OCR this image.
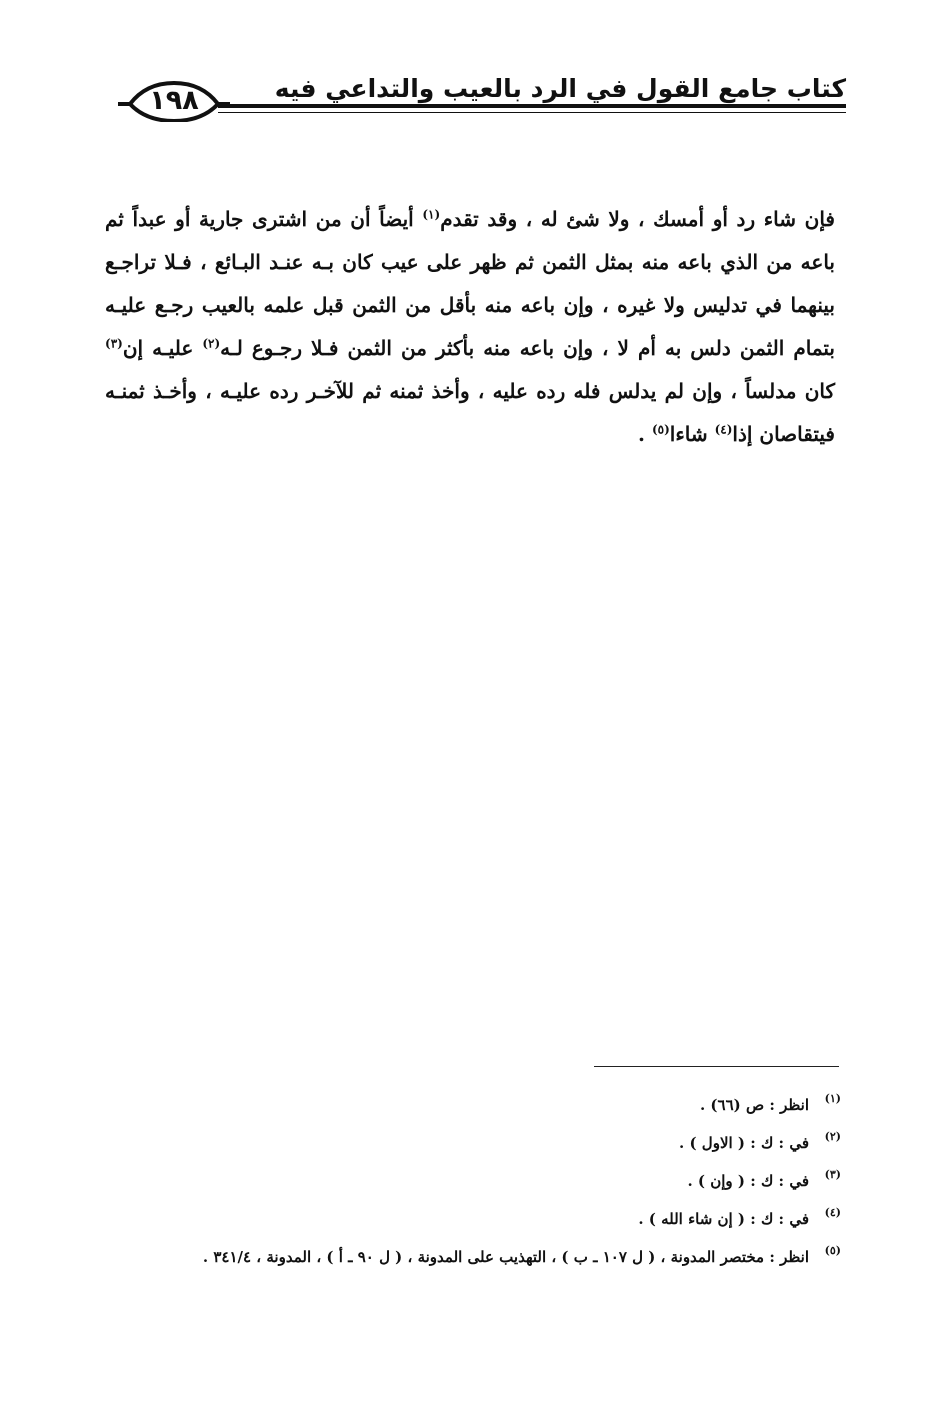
كتاب جامع القول في الرد بالعيب والتداعي فيه
١٩٨

فإن شاء رد أو أمسك ، ولا شئ له ، وقد تقدم$^{(١)}$ أيضاً أن من اشترى جارية أو عبداً ثم باعه من الذي باعه منه بمثل الثمن ثم ظهر على عيب كان بـه عنـد البـائع ، فـلا تراجـع بينهما في تدليس ولا غيره ، وإن باعه منه بأقل من الثمن قبل علمه بالعيب رجـع عليـه بتمام الثمن دلس به أم لا ، وإن باعه منه بأكثر من الثمن فـلا رجـوع لـه$^{(٢)}$ عليـه إن$^{(٣)}$ كان مدلساً ، وإن لم يدلس فله رده عليه ، وأخذ ثمنه ثم للآخـر رده عليـه ، وأخـذ ثمنـه فيتقاصان إذا$^{(٤)}$ شاءا$^{(٥)}$ .

(١)انظر : ص (٦٦) .
(٢)في : ك : ( الاول ) .
(٣)في : ك : ( وإن ) .
(٤)في : ك : ( إن شاء الله ) .
(٥)انظر : مختصر المدونة ، ( ل ١٠٧ ـ ب ) ، التهذيب على المدونة ، ( ل ٩٠ ـ أ ) ، المدونة ، ٣٤١/٤ .
